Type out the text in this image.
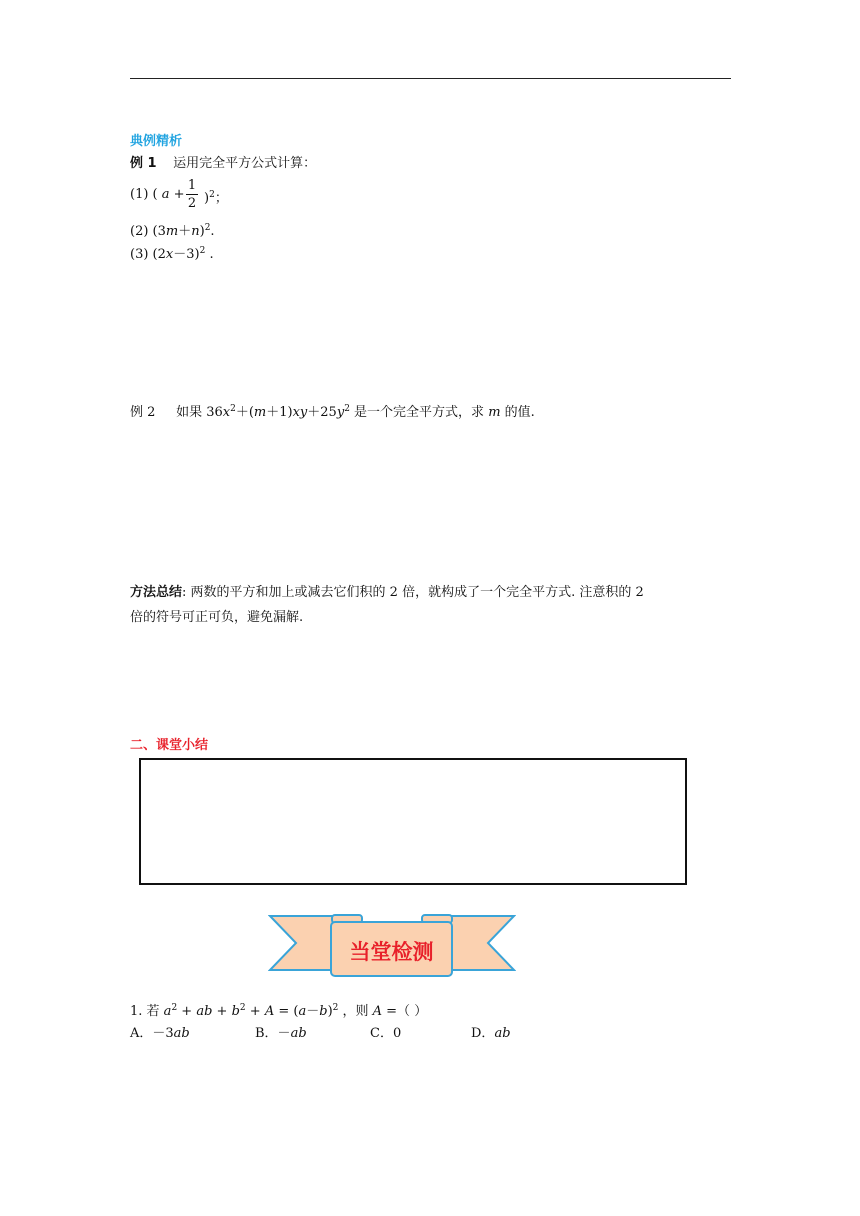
典例精析
例 1 运用完全平方公式计算：
(1) ( a +
1
2 )$^2$；
(2) $(3m+n)^2$.
(3) $(2x-3)^2$ .
例 2 如果 $36x^2+(m+1)xy+25y^2$ 是一个完全平方式，求 m 的值.
方法总结: 两数的平方和加上或减去它们积的 2 倍，就构成了一个完全平方式. 注意积的 2
倍的符号可正可负，避免漏解.
二、课堂小结
当堂检测
1. 若 $a^2$ + ab + $b^2 + A = (a-b)^2$ ，则 A =（ ）
A．－3ab	B．－ab	C．0	D．ab
